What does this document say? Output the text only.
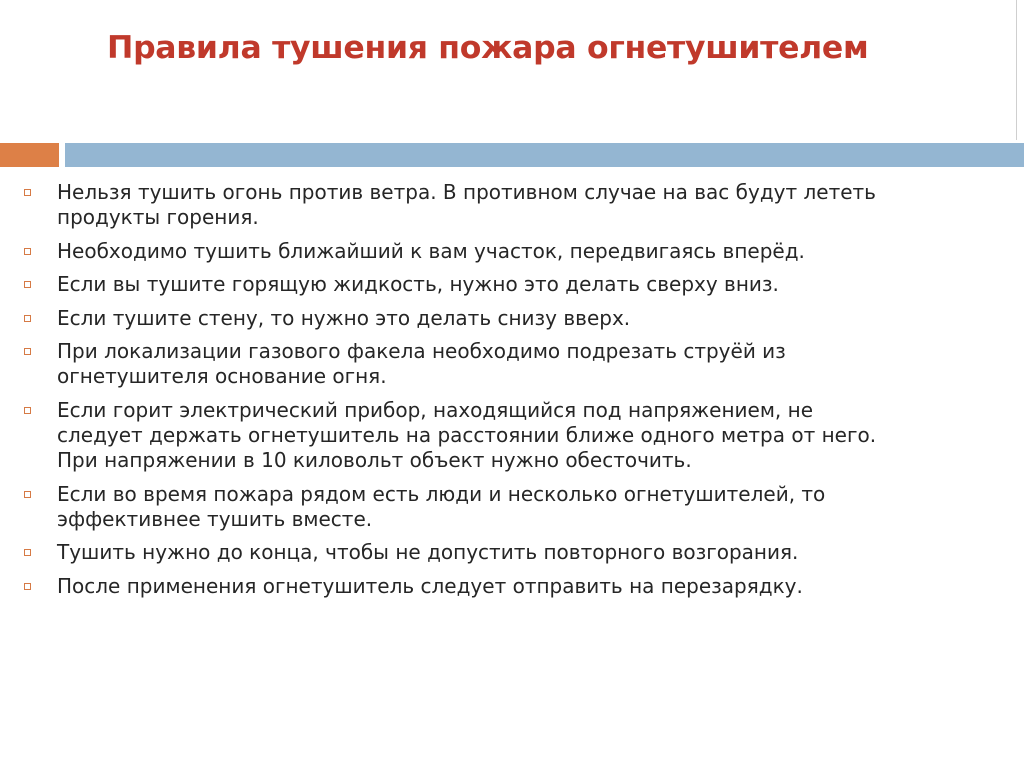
Правила тушения пожара огнетушителем
Нельзя тушить огонь против ветра. В противном случае на вас будут лететь
продукты горения.
Необходимо тушить ближайший к вам участок, передвигаясь вперёд.
Если вы тушите горящую жидкость, нужно это делать сверху вниз.
Если тушите стену, то нужно это делать снизу вверх.
При локализации газового факела необходимо подрезать струёй из
огнетушителя основание огня.
Если горит электрический прибор, находящийся под напряжением, не
следует держать огнетушитель на расстоянии ближе одного метра от него.
При напряжении в 10 киловольт объект нужно обесточить.
Если во время пожара рядом есть люди и несколько огнетушителей, то
эффективнее тушить вместе.
Тушить нужно до конца, чтобы не допустить повторного возгорания.
После применения огнетушитель следует отправить на перезарядку.
